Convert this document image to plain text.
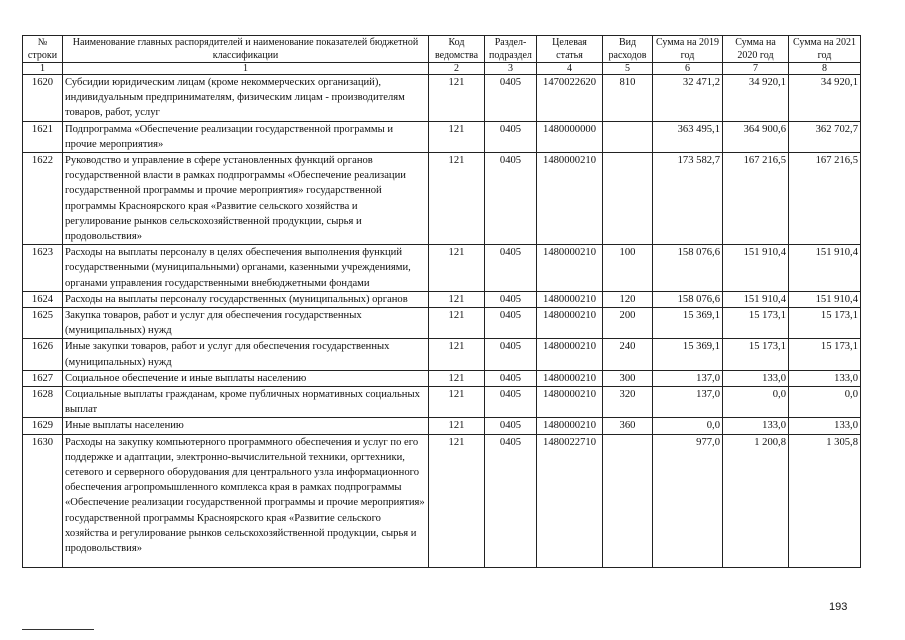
№ строки	Наименование главных распорядителей и наименование показателей бюджетной классификации	Код ведомства	Раздел-подраздел	Целевая статья	Вид расходов	Сумма на 2019 год	Сумма на 2020 год	Сумма на 2021 год
1	1	2	3	4	5	6	7	8
1620	Субсидии юридическим лицам (кроме некоммерческих организаций), индивидуальным предпринимателям, физическим лицам - производителям товаров, работ, услуг	121	0405	1470022620	810	32 471,2	34 920,1	34 920,1
1621	Подпрограмма «Обеспечение реализации государственной программы и прочие мероприятия»	121	0405	1480000000		363 495,1	364 900,6	362 702,7
1622	Руководство и управление в сфере установленных функций органов государственной власти в рамках подпрограммы «Обеспечение реализации государственной программы и прочие мероприятия» государственной программы Красноярского края «Развитие сельского хозяйства и регулирование рынков сельскохозяйственной продукции, сырья и продовольствия»	121	0405	1480000210		173 582,7	167 216,5	167 216,5
1623	Расходы на выплаты персоналу в целях обеспечения выполнения функций государственными (муниципальными) органами, казенными учреждениями, органами управления государственными внебюджетными фондами	121	0405	1480000210	100	158 076,6	151 910,4	151 910,4
1624	Расходы на выплаты персоналу государственных (муниципальных) органов	121	0405	1480000210	120	158 076,6	151 910,4	151 910,4
1625	Закупка товаров, работ и услуг для обеспечения государственных (муниципальных) нужд	121	0405	1480000210	200	15 369,1	15 173,1	15 173,1
1626	Иные закупки товаров, работ и услуг для обеспечения государственных (муниципальных) нужд	121	0405	1480000210	240	15 369,1	15 173,1	15 173,1
1627	Социальное обеспечение и иные выплаты населению	121	0405	1480000210	300	137,0	133,0	133,0
1628	Социальные выплаты гражданам, кроме публичных нормативных социальных выплат	121	0405	1480000210	320	137,0	0,0	0,0
1629	Иные выплаты населению	121	0405	1480000210	360	0,0	133,0	133,0
1630	Расходы на закупку компьютерного программного обеспечения и услуг по его поддержке и адаптации, электронно-вычислительной техники, оргтехники, сетевого и серверного оборудования для центрального узла информационного обеспечения агропромышленного комплекса края в рамках подпрограммы «Обеспечение реализации государственной программы и прочие мероприятия» государственной программы Красноярского края «Развитие сельского хозяйства и регулирование рынков сельскохозяйственной продукции, сырья и продовольствия»	121	0405	1480022710		977,0	1 200,8	1 305,8
193
